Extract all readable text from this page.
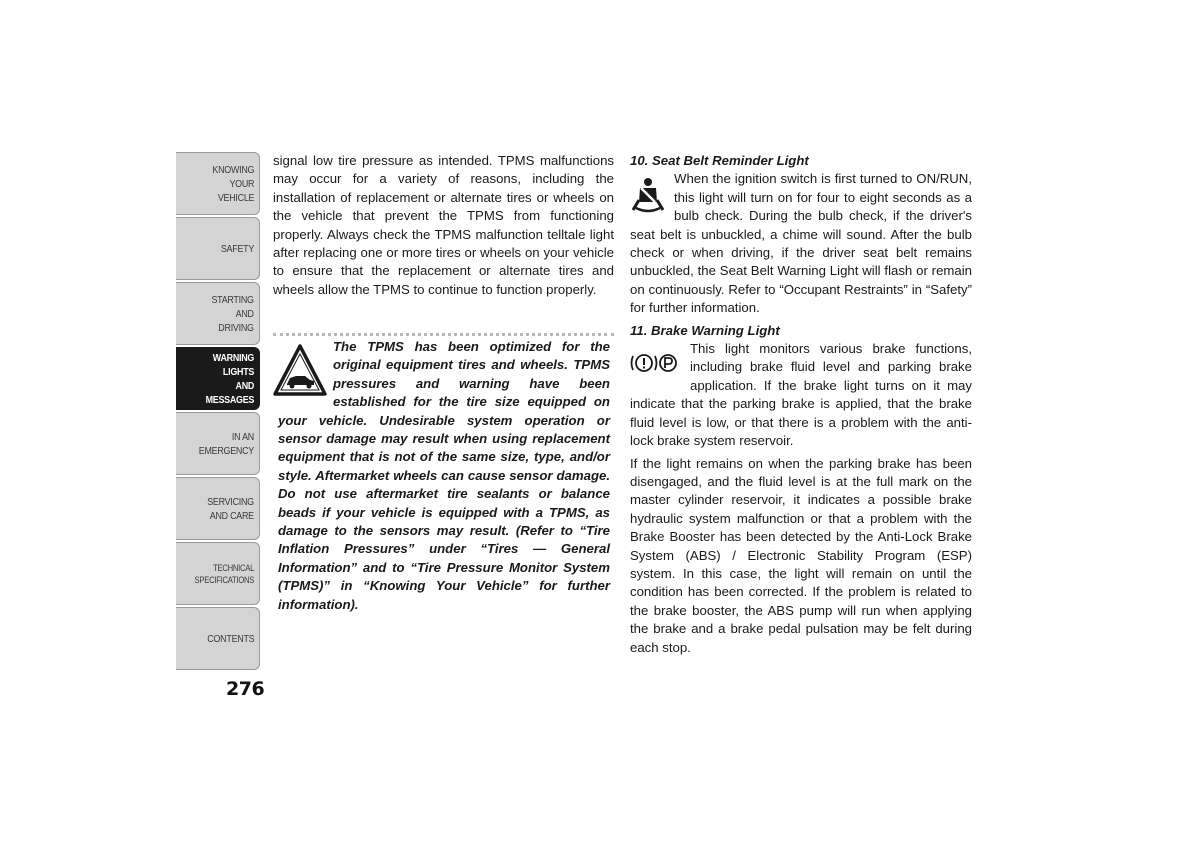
KNOWING
YOUR
VEHICLE
SAFETY
STARTING
AND
DRIVING
WARNING
LIGHTS
AND
MESSAGES
IN AN
EMERGENCY
SERVICING
AND CARE
TECHNICAL
SPECIFICATIONS
CONTENTS
276

signal low tire pressure as intended. TPMS malfunctions may occur for a variety of reasons, including the installation of replacement or alternate tires or wheels on the vehicle that prevent the TPMS from functioning properly. Always check the TPMS malfunction telltale light after replacing one or more tires or wheels on your vehicle to ensure that the replacement or alternate tires and wheels allow the TPMS to continue to function properly.

The TPMS has been optimized for the original equipment tires and wheels. TPMS pressures and warning have been established for the tire size equipped on your vehicle. Undesirable system operation or sensor damage may result when using replacement equipment that is not of the same size, type, and/or style. Aftermarket wheels can cause sensor damage. Do not use aftermarket tire sealants or balance beads if your vehicle is equipped with a TPMS, as damage to the sensors may result. (Refer to “Tire Inflation Pressures” under “Tires — General Information” and to “Tire Pressure Monitor System (TPMS)” in “Knowing Your Vehicle” for further information).

10. Seat Belt Reminder Light

When the ignition switch is first turned to ON/RUN, this light will turn on for four to eight seconds as a bulb check. During the bulb check, if the driver's seat belt is unbuckled, a chime will sound. After the bulb check or when driving, if the driver seat belt remains unbuckled, the Seat Belt Warning Light will flash or remain on continuously. Refer to “Occupant Restraints” in “Safety” for further information.

11. Brake Warning Light

This light monitors various brake functions, including brake fluid level and parking brake application. If the brake light turns on it may indicate that the parking brake is applied, that the brake fluid level is low, or that there is a problem with the anti-lock brake system reservoir.

If the light remains on when the parking brake has been disengaged, and the fluid level is at the full mark on the master cylinder reservoir, it indicates a possible brake hydraulic system malfunction or that a problem with the Brake Booster has been detected by the Anti-Lock Brake System (ABS) / Electronic Stability Program (ESP) system. In this case, the light will remain on until the condition has been corrected. If the problem is related to the brake booster, the ABS pump will run when applying the brake and a brake pedal pulsation may be felt during each stop.
